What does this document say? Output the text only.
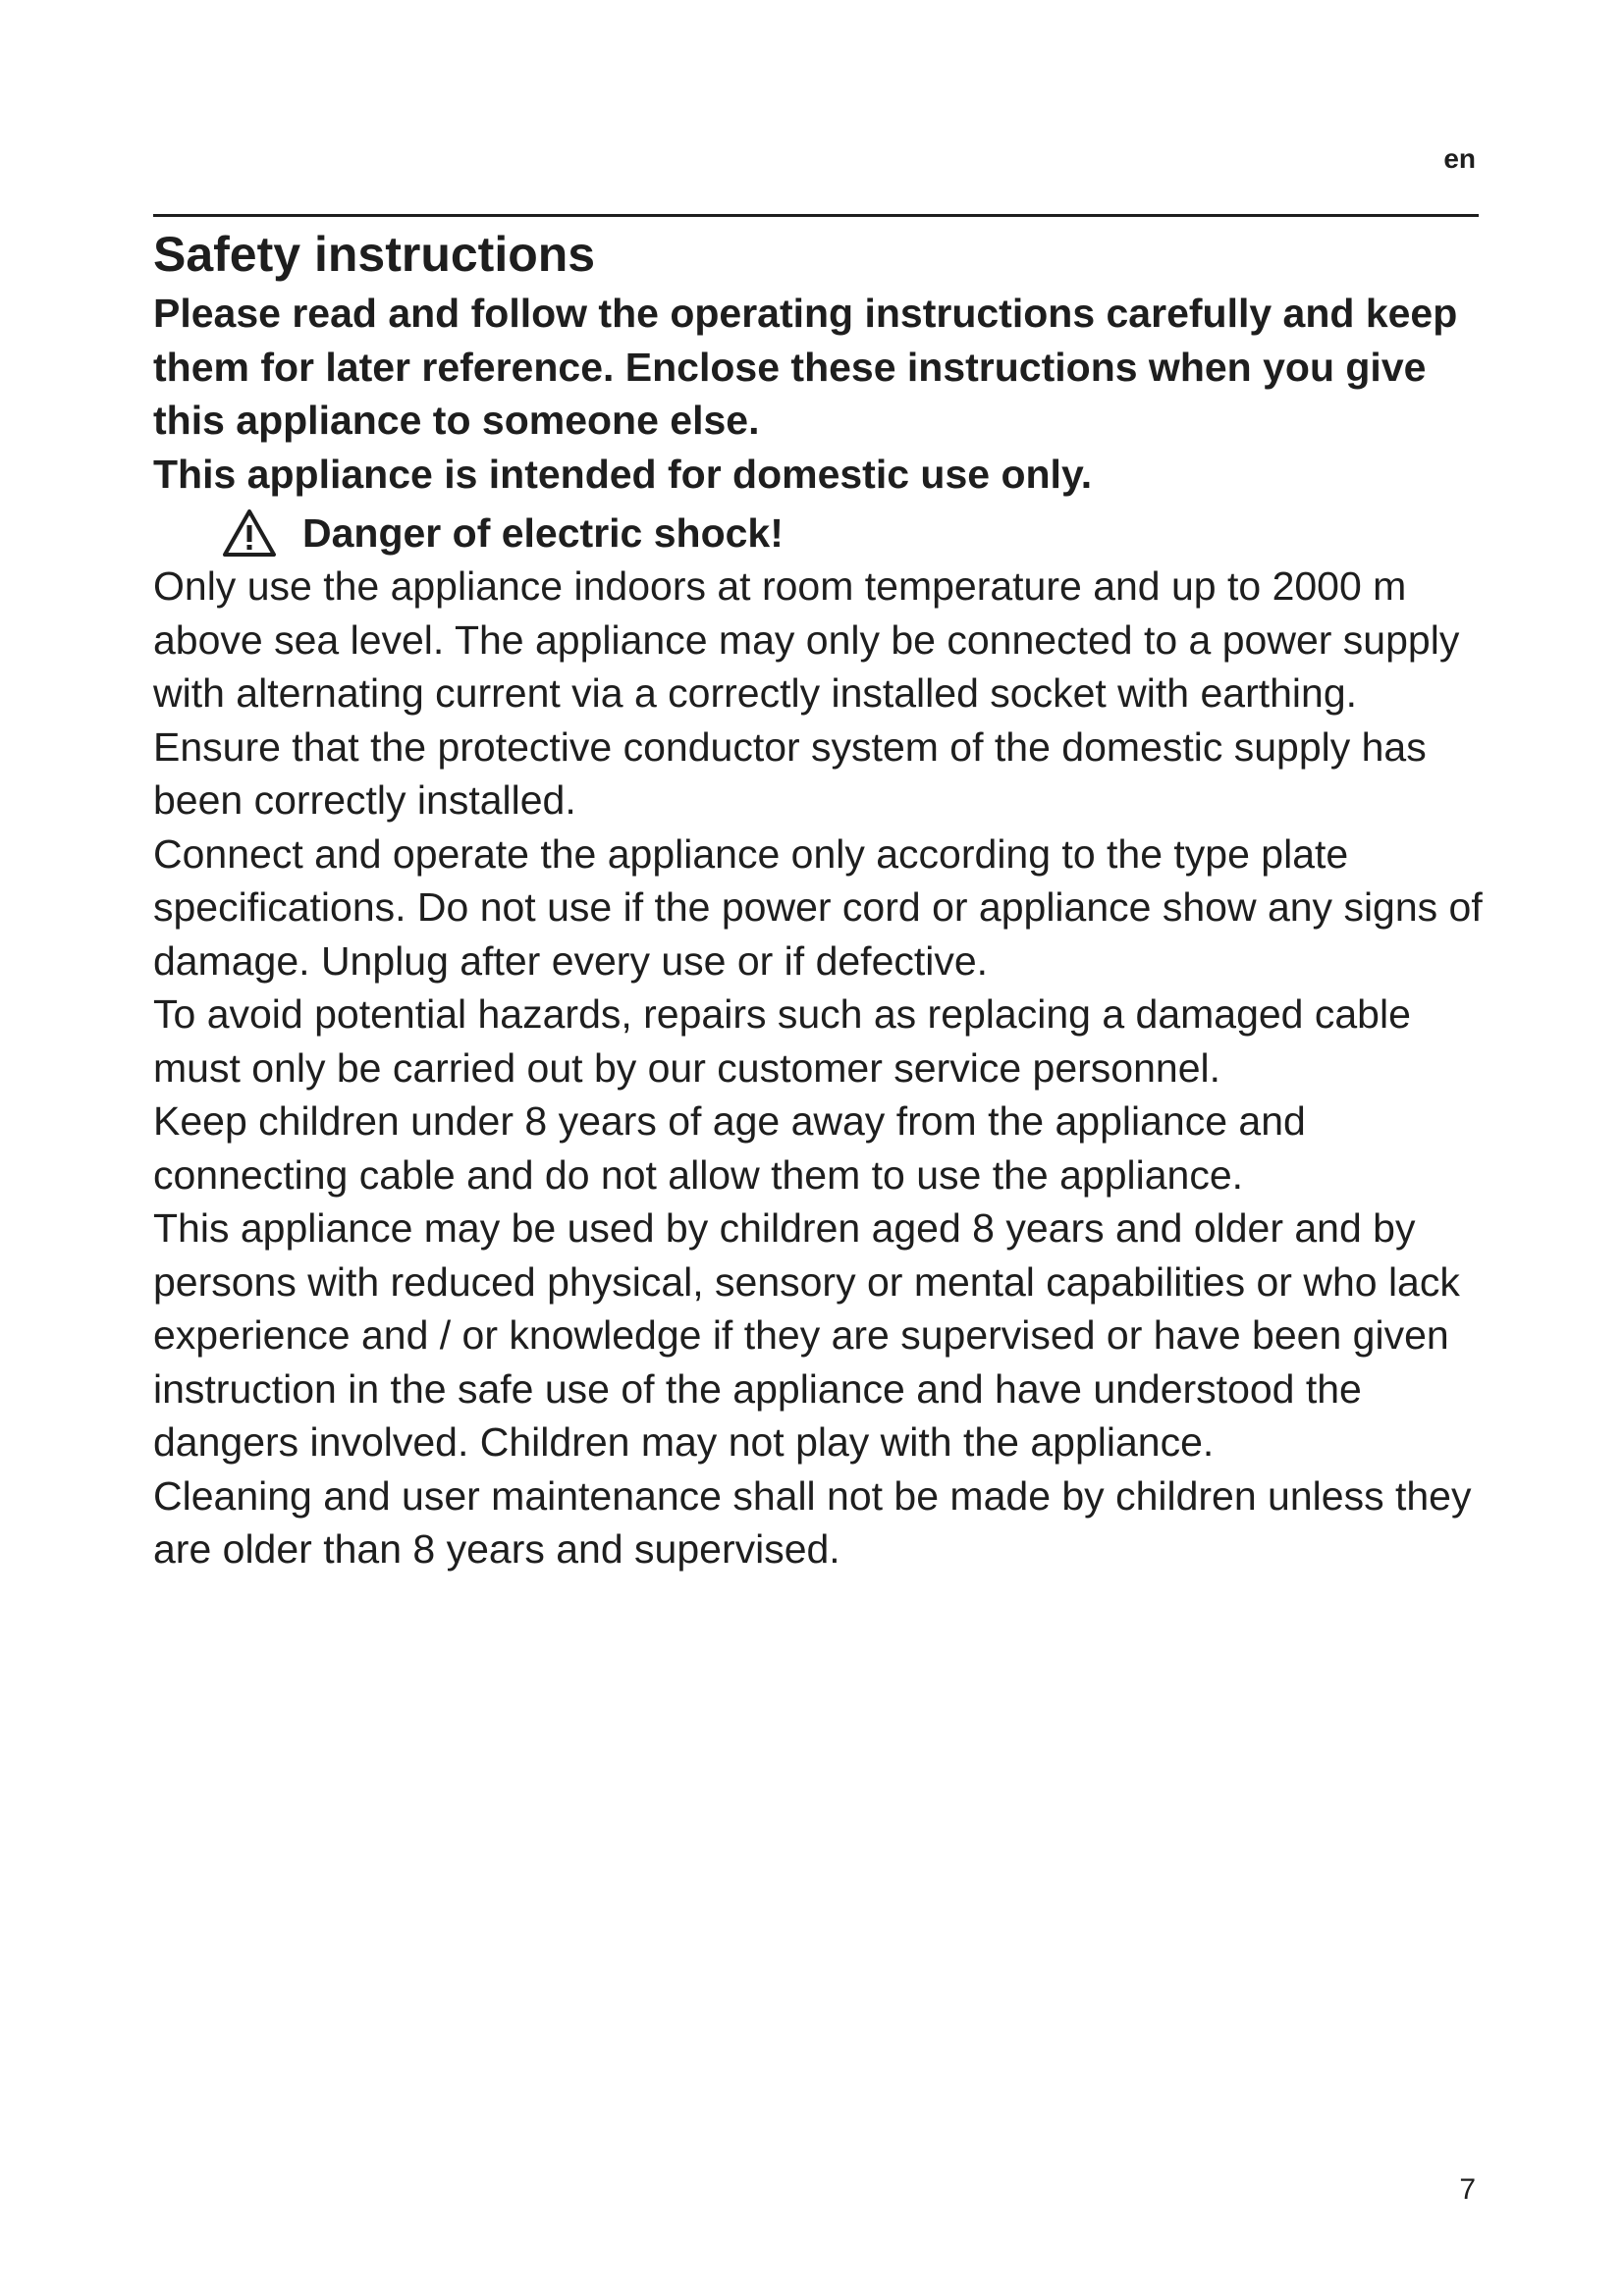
en
Safety instructions

Please read and follow the operating instructions carefully and keep them for later reference. Enclose these instructions when you give this appliance to someone else.

This appliance is intended for domestic use only.

Danger of electric shock!

Only use the appliance indoors at room temperature and up to 2000 m above sea level. The appliance may only be connected to a power supply with alternating current via a correctly installed socket with earthing. Ensure that the protective conductor system of the domestic supply has been correctly installed.

Connect and operate the appliance only according to the type plate specifications. Do not use if the power cord or appliance show any signs of damage. Unplug after every use or if defective.

To avoid potential hazards, repairs such as replacing a damaged cable must only be carried out by our customer service personnel.

Keep children under 8 years of age away from the appliance and connecting cable and do not allow them to use the appliance.

This appliance may be used by children aged 8 years and older and by persons with reduced physical, sensory or mental capabilities or who lack experience and / or knowledge if they are supervised or have been given instruction in the safe use of the appliance and have understood the dangers involved. Children may not play with the appliance.

Cleaning and user maintenance shall not be made by children unless they are older than 8 years and supervised.

7
